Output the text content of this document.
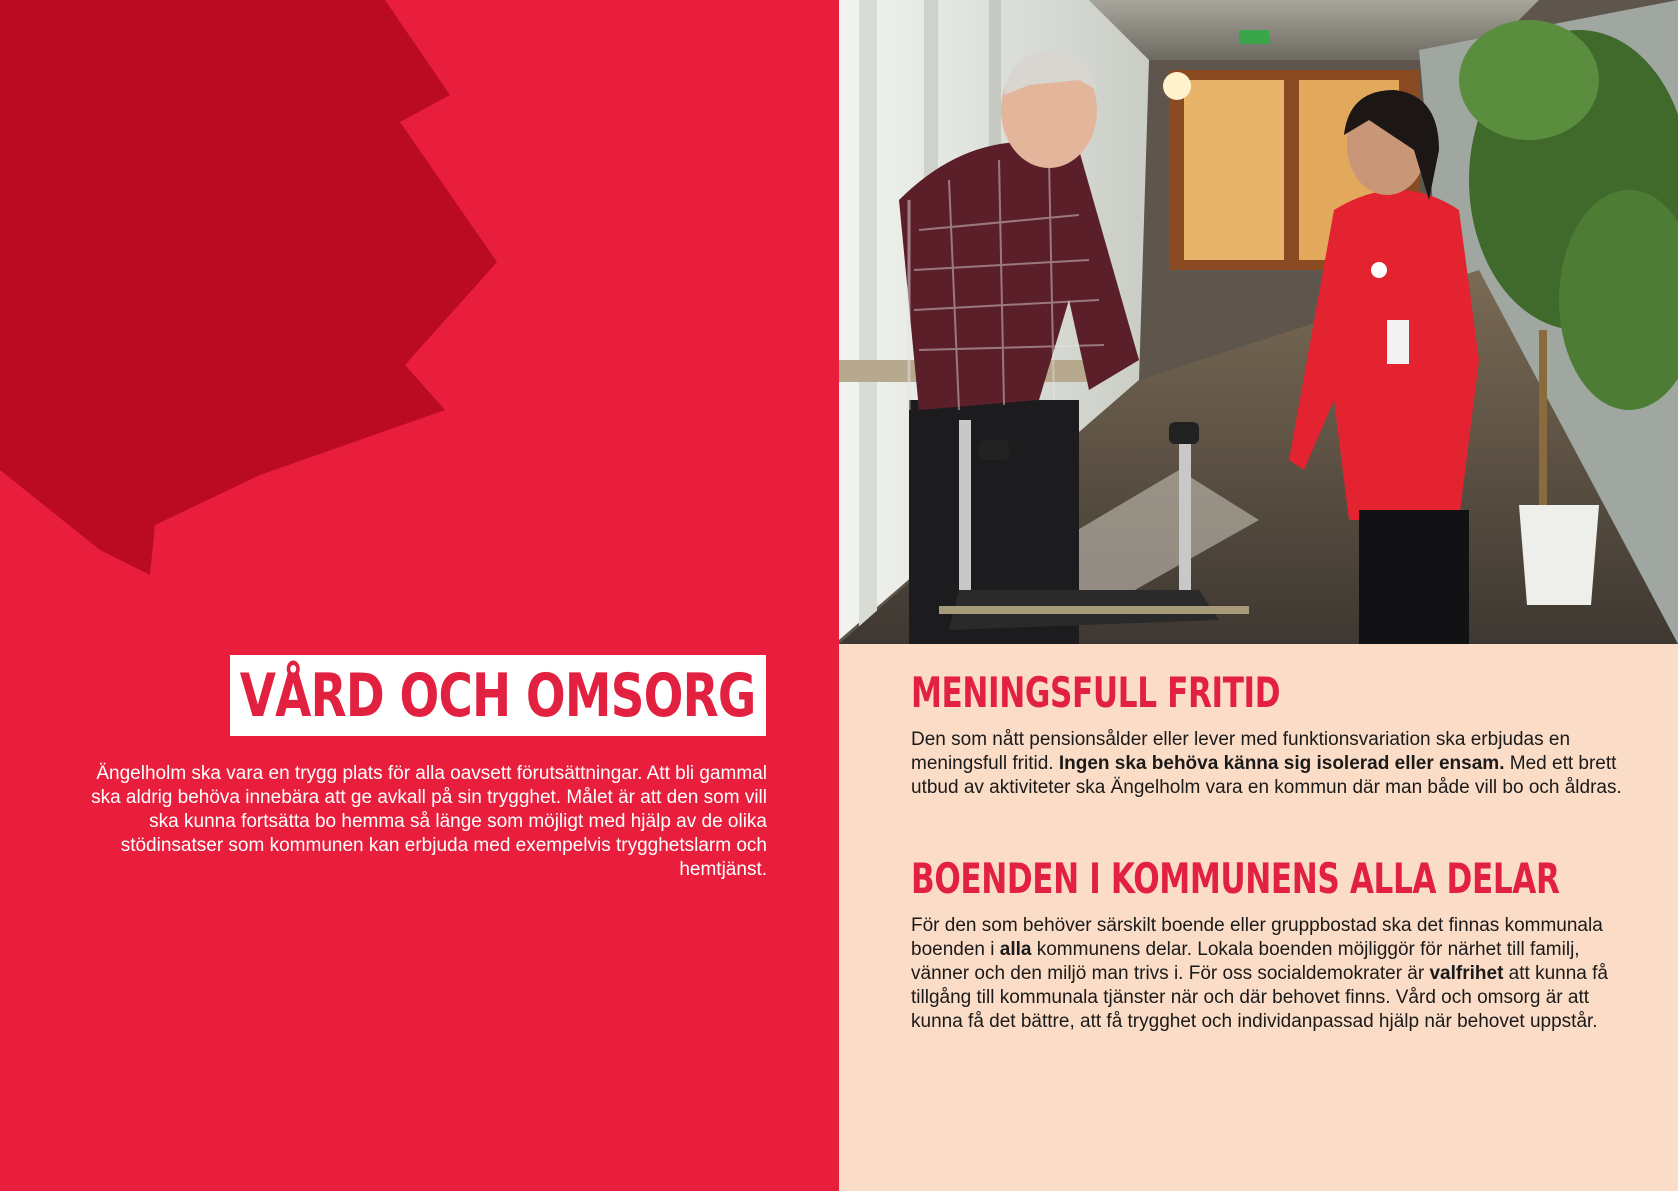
VÅRD OCH OMSORG

Ängelholm ska vara en trygg plats för alla oavsett förutsättningar. Att bli gammal ska aldrig behöva innebära att ge avkall på sin trygghet. Målet är att den som vill ska kunna fortsätta bo hemma så länge som möjligt med hjälp av de olika stödinsatser som kommunen kan erbjuda med exempelvis trygghetslarm och hemtjänst.

MENINGSFULL FRITID

Den som nått pensionsålder eller lever med funktionsvariation ska erbjudas en meningsfull fritid. Ingen ska behöva känna sig isolerad eller ensam. Med ett brett utbud av aktiviteter ska Ängelholm vara en kommun där man både vill bo och åldras.

BOENDEN I KOMMUNENS ALLA DELAR

För den som behöver särskilt boende eller gruppbostad ska det finnas kommunala boenden i alla kommunens delar. Lokala boenden möjliggör för närhet till familj, vänner och den miljö man trivs i. För oss socialdemokrater är valfrihet att kunna få tillgång till kommunala tjänster när och där behovet finns. Vård och omsorg är att kunna få det bättre, att få trygghet och individanpassad hjälp när behovet uppstår.
